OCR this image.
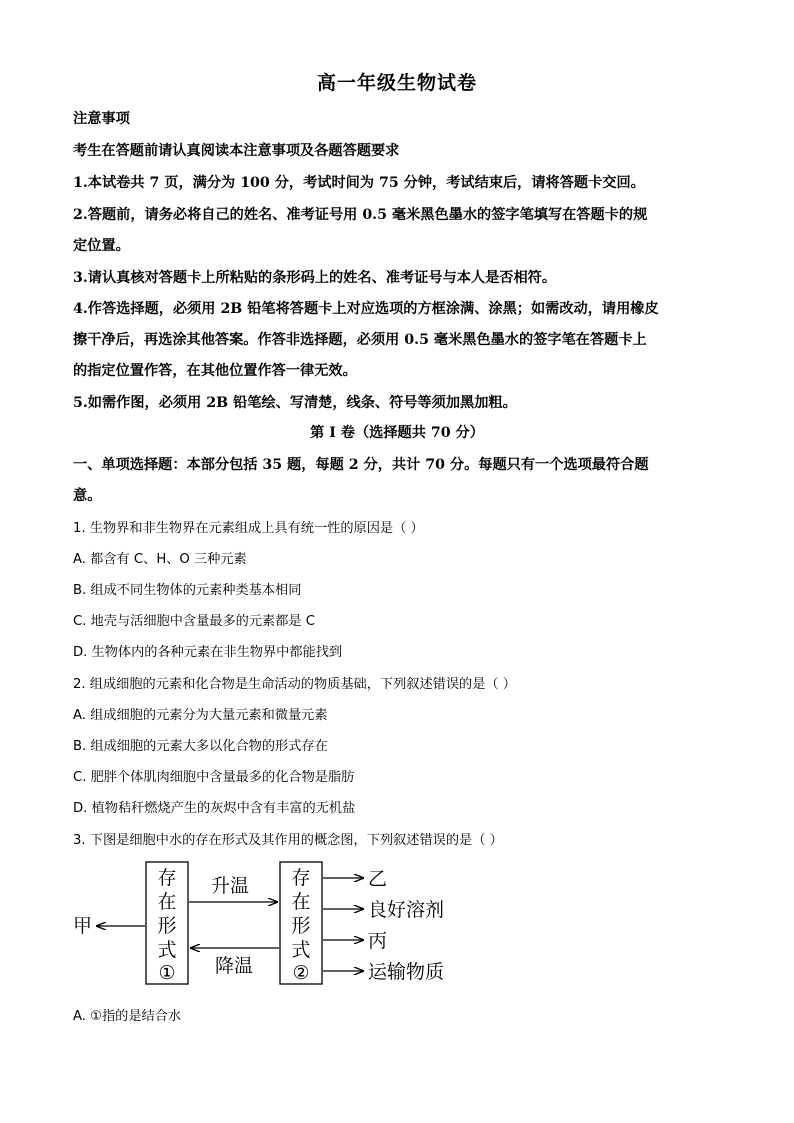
高一年级生物试卷
注意事项
考生在答题前请认真阅读本注意事项及各题答题要求
1.本试卷共 7 页，满分为 100 分，考试时间为 75 分钟，考试结束后，请将答题卡交回。
2.答题前，请务必将自己的姓名、准考证号用 0.5 毫米黑色墨水的签字笔填写在答题卡的规
定位置。
3.请认真核对答题卡上所粘贴的条形码上的姓名、准考证号与本人是否相符。
4.作答选择题，必须用 2B 铅笔将答题卡上对应选项的方框涂满、涂黑；如需改动，请用橡皮
擦干净后，再选涂其他答案。作答非选择题，必须用 0.5 毫米黑色墨水的签字笔在答题卡上
的指定位置作答，在其他位置作答一律无效。
5.如需作图，必须用 2B 铅笔绘、写清楚，线条、符号等须加黑加粗。
第 I 卷（选择题共 70 分）
一、单项选择题：本部分包括 35 题，每题 2 分，共计 70 分。每题只有一个选项最符合题
意。
1. 生物界和非生物界在元素组成上具有统一性的原因是（ ）
A. 都含有 C、H、O 三种元素
B. 组成不同生物体的元素种类基本相同
C. 地壳与活细胞中含量最多的元素都是 C
D. 生物体内的各种元素在非生物界中都能找到
2. 组成细胞的元素和化合物是生命活动的物质基础，下列叙述错误的是（ ）
A. 组成细胞的元素分为大量元素和微量元素
B. 组成细胞的元素大多以化合物的形式存在
C. 肥胖个体肌肉细胞中含量最多的化合物是脂肪
D. 植物秸秆燃烧产生的灰烬中含有丰富的无机盐
3. 下图是细胞中水的存在形式及其作用的概念图，下列叙述错误的是（ ）
甲
存
在
形
式
①
升温
降温
存
在
形
式
②
乙
良好溶剂
丙
运输物质
A. ①指的是结合水
